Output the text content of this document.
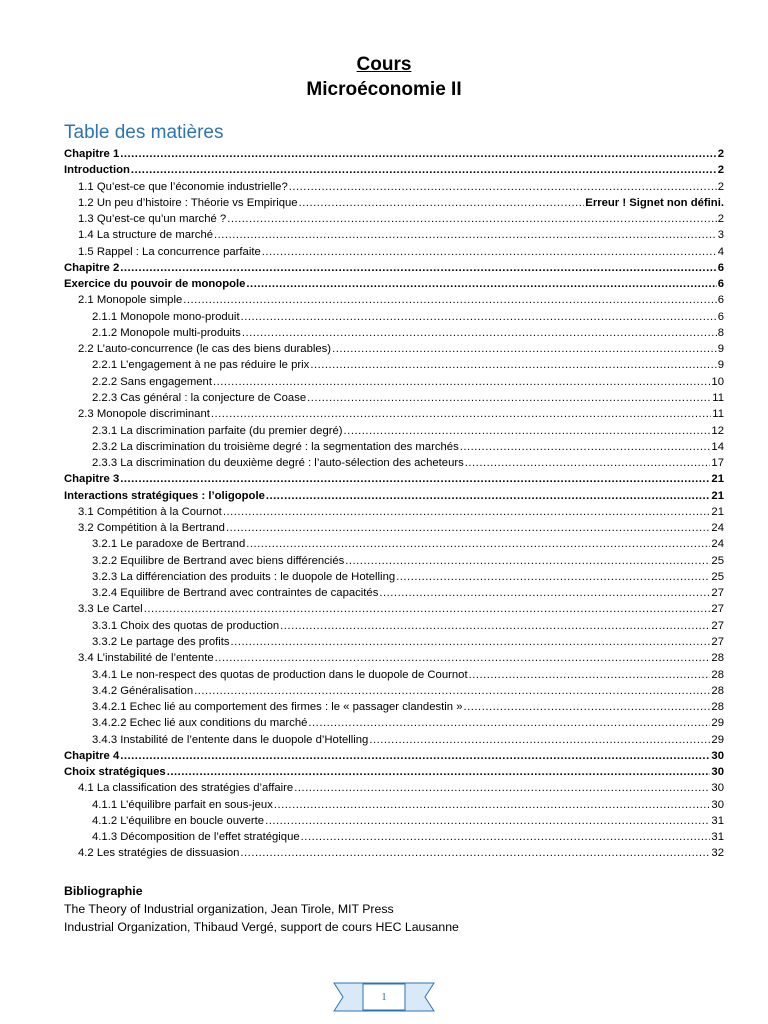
Cours
Microéconomie II
Table des matières
Chapitre 1 .....	2
Introduction .....	2
1.1 Qu’est-ce que l’économie industrielle? .....	2
1.2 Un peu d’histoire : Théorie vs Empirique .....	Erreur ! Signet non défini.
1.3 Qu’est-ce qu’un marché ? .....	2
1.4 La structure de marché .....	3
1.5 Rappel : La concurrence parfaite .....	4
Chapitre 2 .....	6
Exercice du pouvoir de monopole .....	6
2.1 Monopole simple .....	6
2.1.1 Monopole mono-produit .....	6
2.1.2 Monopole multi-produits .....	8
2.2 L’auto-concurrence (le cas des biens durables) .....	9
2.2.1 L’engagement à ne pas réduire le prix .....	9
2.2.2 Sans engagement .....	10
2.2.3 Cas général : la conjecture de Coase .....	11
2.3 Monopole discriminant .....	11
2.3.1 La discrimination parfaite (du premier degré) .....	12
2.3.2 La discrimination du troisième degré : la segmentation des marchés .....	14
2.3.3 La discrimination du deuxième degré : l’auto-sélection des acheteurs .....	17
Chapitre 3 .....	21
Interactions stratégiques : l’oligopole .....	21
3.1 Compétition à la Cournot .....	21
3.2 Compétition à la Bertrand .....	24
3.2.1 Le paradoxe de Bertrand .....	24
3.2.2 Equilibre de Bertrand avec biens différenciés .....	25
3.2.3 La différenciation des produits : le duopole de Hotelling .....	25
3.2.4 Equilibre de Bertrand avec contraintes de capacités .....	27
3.3 Le Cartel .....	27
3.3.1 Choix des quotas de production .....	27
3.3.2 Le partage des profits .....	27
3.4 L’instabilité de l’entente .....	28
3.4.1 Le non-respect des quotas de production dans le duopole de Cournot .....	28
3.4.2 Généralisation .....	28
3.4.2.1 Echec lié au comportement des firmes : le « passager clandestin » .....	28
3.4.2.2 Echec lié aux conditions du marché .....	29
3.4.3 Instabilité de l’entente dans le duopole d’Hotelling .....	29
Chapitre 4 .....	30
Choix stratégiques .....	30
4.1 La classification des stratégies d’affaire .....	30
4.1.1 L’équilibre parfait en sous-jeux .....	30
4.1.2 L’équilibre en boucle ouverte .....	31
4.1.3 Décomposition de l’effet stratégique .....	31
4.2 Les stratégies de dissuasion .....	32
Bibliographie
The Theory of Industrial organization, Jean Tirole, MIT Press
Industrial Organization, Thibaud Vergé, support de cours HEC Lausanne
1
